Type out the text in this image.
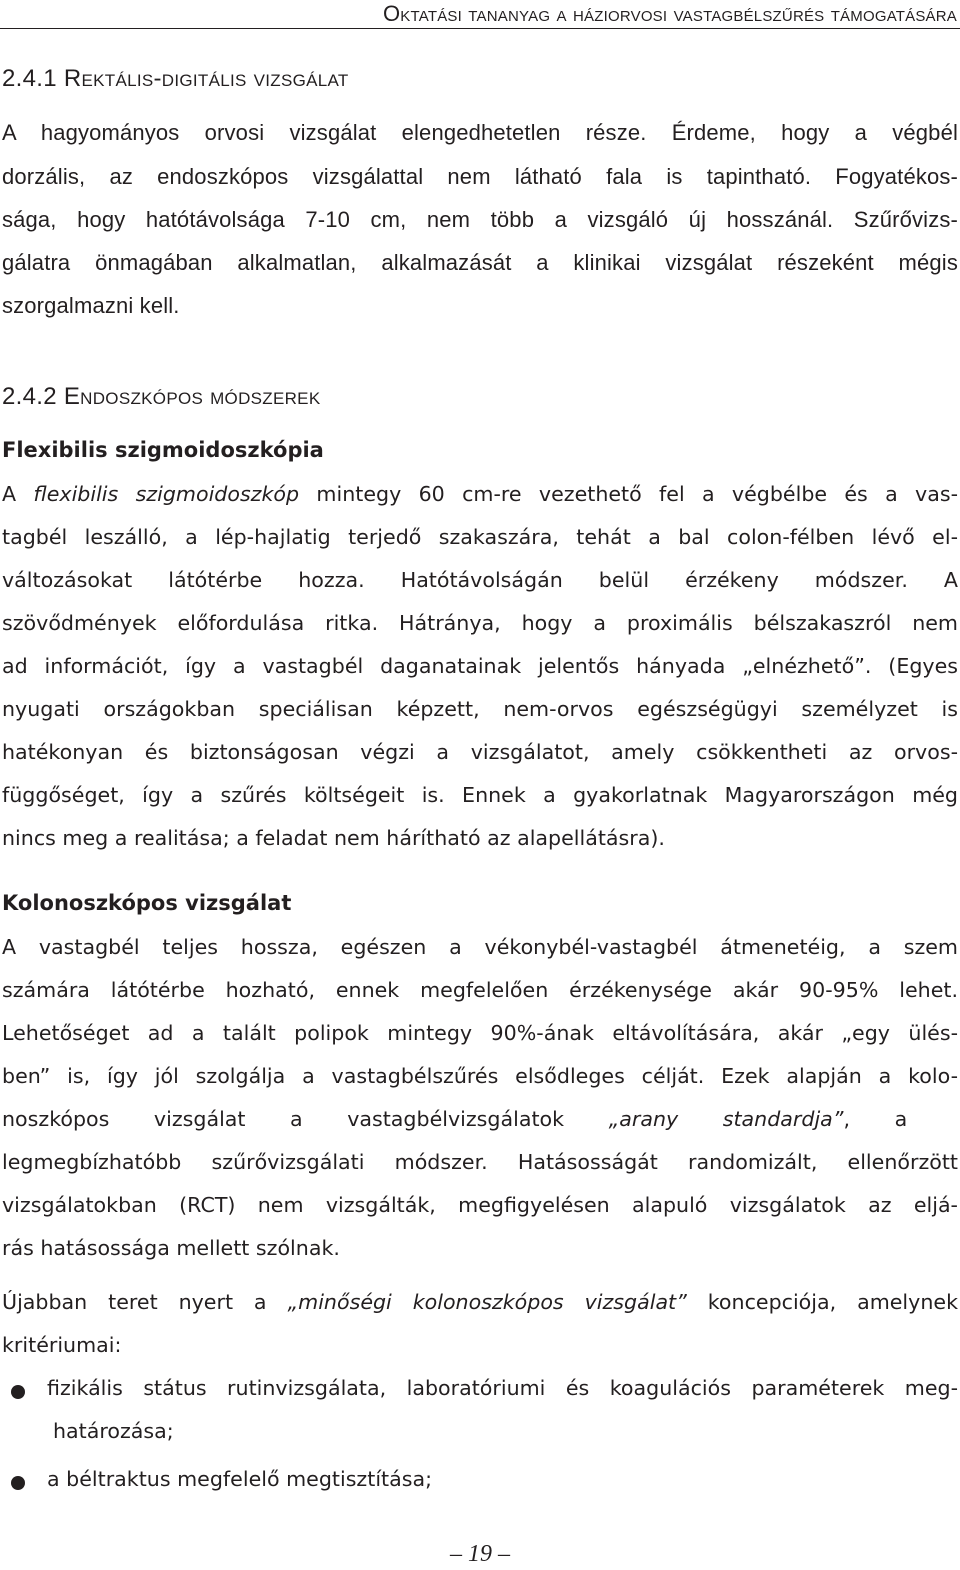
Oktatási tananyag a háziorvosi vastagbélszűrés támogatására
2.4.1 Rektális-digitális vizsgálat
A hagyományos orvosi vizsgálat elengedhetetlen része. Érdeme, hogy a végbél
dorzális, az endoszkópos vizsgálattal nem látható fala is tapintható. Fogyatékos-
sága, hogy hatótávolsága 7-10 cm, nem több a vizsgáló új hosszánál. Szűrővizs-
gálatra önmagában alkalmatlan, alkalmazását a klinikai vizsgálat részeként mégis
szorgalmazni kell.
2.4.2 Endoszkópos módszerek
Flexibilis szigmoidoszkópia
A flexibilis szigmoidoszkóp mintegy 60 cm-re vezethető fel a végbélbe és a vas-
tagbél leszálló, a lép-hajlatig terjedő szakaszára, tehát a bal colon-félben lévő el-
változásokat látótérbe hozza. Hatótávolságán belül érzékeny módszer. A
szövődmények előfordulása ritka. Hátránya, hogy a proximális bélszakaszról nem
ad információt, így a vastagbél daganatainak jelentős hányada „elnézhető”. (Egyes
nyugati országokban speciálisan képzett, nem-orvos egészségügyi személyzet is
hatékonyan és biztonságosan végzi a vizsgálatot, amely csökkentheti az orvos-
függőséget, így a szűrés költségeit is. Ennek a gyakorlatnak Magyarországon még
nincs meg a realitása; a feladat nem hárítható az alapellátásra).
Kolonoszkópos vizsgálat
A vastagbél teljes hossza, egészen a vékonybél-vastagbél átmenetéig, a szem
számára látótérbe hozható, ennek megfelelően érzékenysége akár 90-95% lehet.
Lehetőséget ad a talált polipok mintegy 90%-ának eltávolítására, akár „egy ülés-
ben” is, így jól szolgálja a vastagbélszűrés elsődleges célját. Ezek alapján a kolo-
noszkópos vizsgálat a vastagbélvizsgálatok „arany standardja”, a
legmegbízhatóbb szűrővizsgálati módszer. Hatásosságát randomizált, ellenőrzött
vizsgálatokban (RCT) nem vizsgálták, megfigyelésen alapuló vizsgálatok az eljá-
rás hatásossága mellett szólnak.
Újabban teret nyert a „minőségi kolonoszkópos vizsgálat” koncepciója, amelynek
kritériumai:
fizikális státus rutinvizsgálata, laboratóriumi és koagulációs paraméterek meg-
határozása;
a béltraktus megfelelő megtisztítása;
– 19 –
